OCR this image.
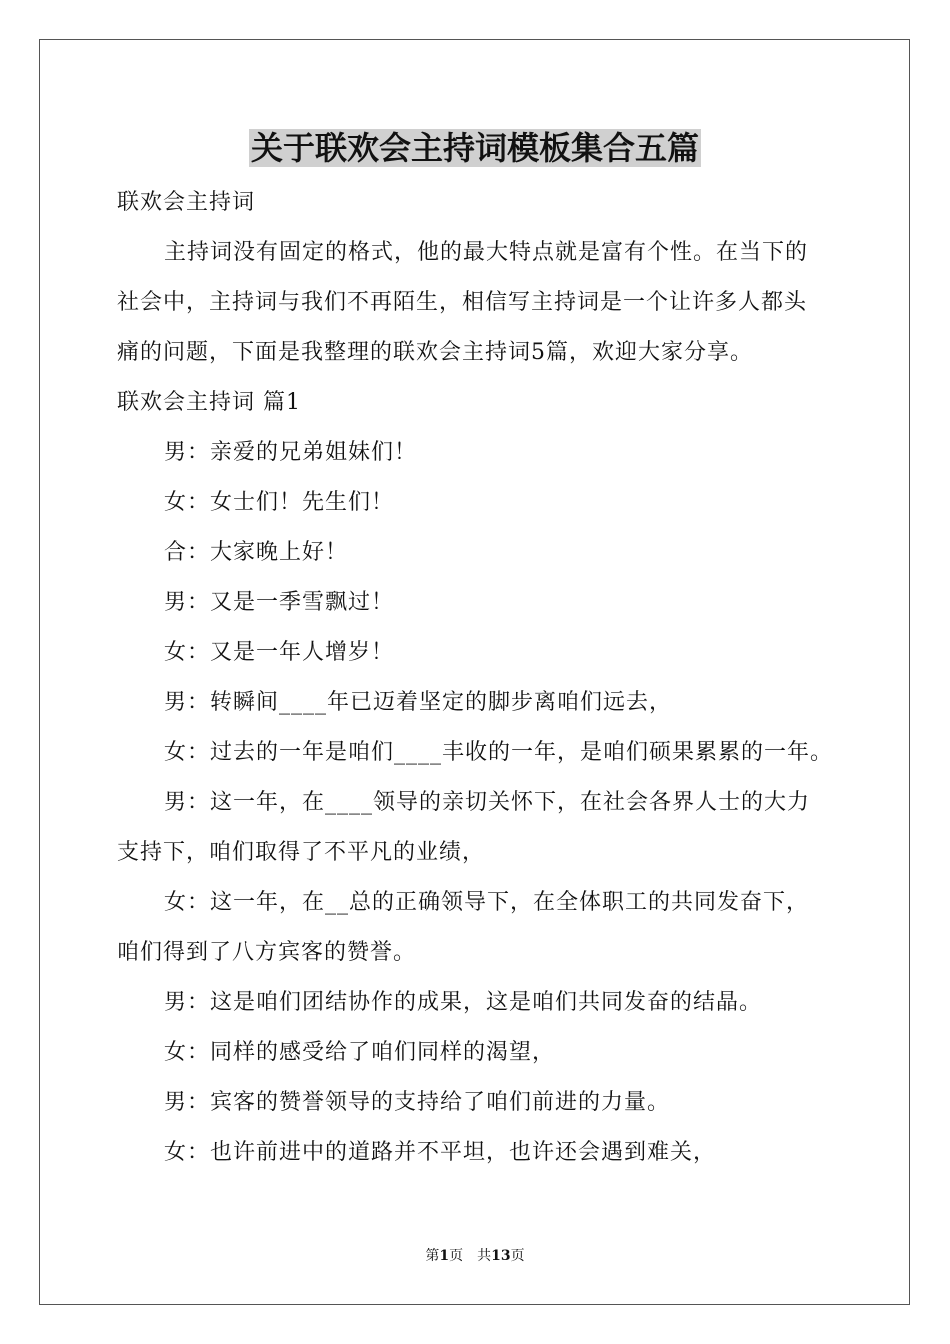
关于联欢会主持词模板集合五篇
联欢会主持词
主持词没有固定的格式，他的最大特点就是富有个性。在当下的
社会中，主持词与我们不再陌生，相信写主持词是一个让许多人都头
痛的问题，下面是我整理的联欢会主持词5篇，欢迎大家分享。
联欢会主持词 篇1
男：亲爱的兄弟姐妹们！
女：女士们！先生们！
合：大家晚上好！
男：又是一季雪飘过！
女：又是一年人增岁！
男：转瞬间____年已迈着坚定的脚步离咱们远去，
女：过去的一年是咱们____丰收的一年，是咱们硕果累累的一年。
男：这一年，在____领导的亲切关怀下，在社会各界人士的大力
支持下，咱们取得了不平凡的业绩，
女：这一年，在__总的正确领导下，在全体职工的共同发奋下，
咱们得到了八方宾客的赞誉。
男：这是咱们团结协作的成果，这是咱们共同发奋的结晶。
女：同样的感受给了咱们同样的渴望，
男：宾客的赞誉领导的支持给了咱们前进的力量。
女：也许前进中的道路并不平坦，也许还会遇到难关，
第1页　共13页
